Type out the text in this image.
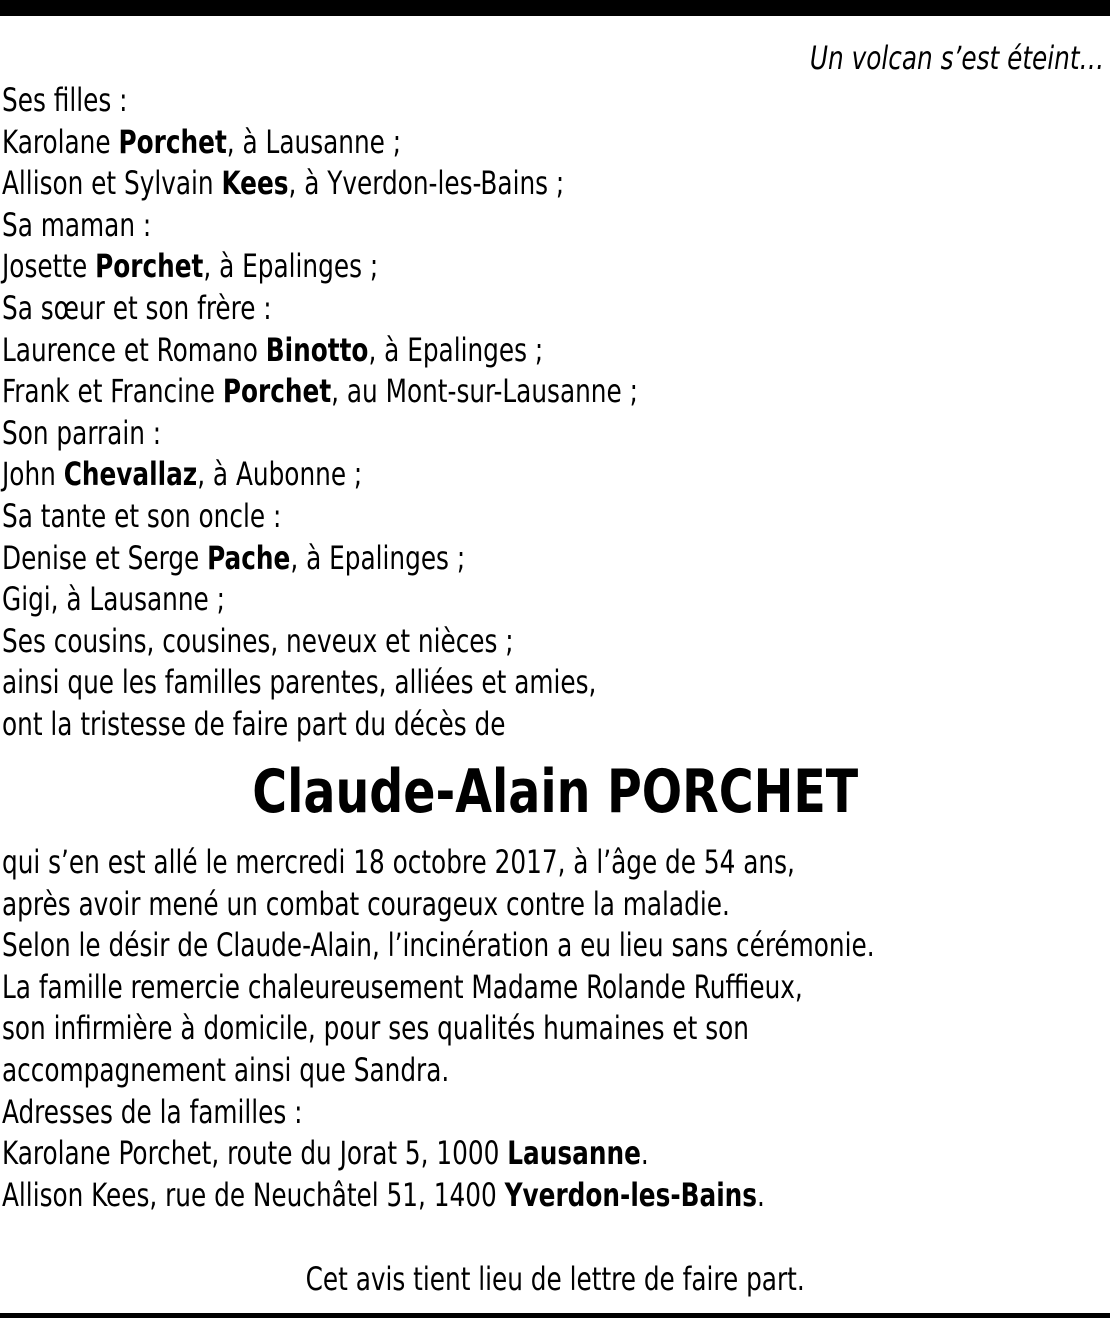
Un volcan s’est éteint…
Ses filles :
Karolane Porchet, à Lausanne ;
Allison et Sylvain Kees, à Yverdon-les-Bains ;
Sa maman :
Josette Porchet, à Epalinges ;
Sa sœur et son frère :
Laurence et Romano Binotto, à Epalinges ;
Frank et Francine Porchet, au Mont-sur-Lausanne ;
Son parrain :
John Chevallaz, à Aubonne ;
Sa tante et son oncle :
Denise et Serge Pache, à Epalinges ;
Gigi, à Lausanne ;
Ses cousins, cousines, neveux et nièces ;
ainsi que les familles parentes, alliées et amies,
ont la tristesse de faire part du décès de
Claude-Alain PORCHET
qui s’en est allé le mercredi 18 octobre 2017, à l’âge de 54 ans,
après avoir mené un combat courageux contre la maladie.
Selon le désir de Claude-Alain, l’incinération a eu lieu sans cérémonie.
La famille remercie chaleureusement Madame Rolande Ruffieux,
son infirmière à domicile, pour ses qualités humaines et son
accompagnement ainsi que Sandra.
Adresses de la familles :
Karolane Porchet, route du Jorat 5, 1000 Lausanne.
Allison Kees, rue de Neuchâtel 51, 1400 Yverdon-les-Bains.
Cet avis tient lieu de lettre de faire part.
